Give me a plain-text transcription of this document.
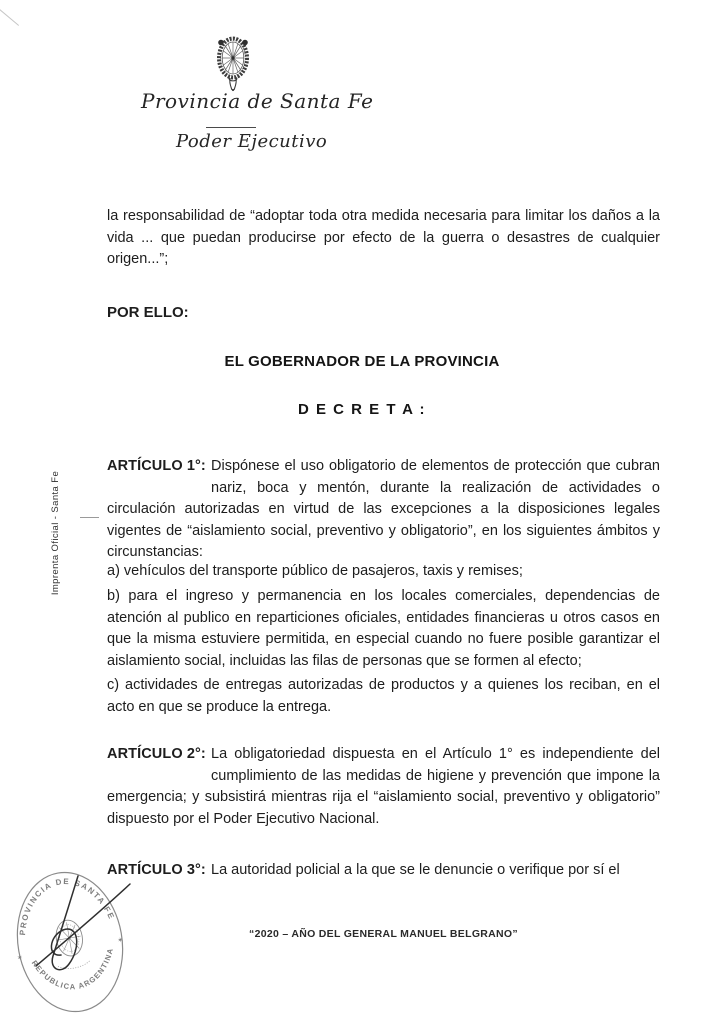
Provincia de Santa Fe
Poder Ejecutivo
Imprenta Oficial - Santa Fe

la responsabilidad de “adoptar toda otra medida necesaria para limitar los daños a la vida ... que puedan producirse por efecto de la guerra o desastres de cualquier origen...”;

POR ELLO:
EL GOBERNADOR DE LA PROVINCIA
D E C R E T A :

ARTÍCULO 1°: Dispónese el uso obligatorio de elementos de protección que cubran nariz, boca y mentón, durante la realización de actividades o circulación autorizadas en virtud de las excepciones a la disposiciones legales vigentes de “aislamiento social, preventivo y obligatorio”, en los siguientes ámbitos y circunstancias:

a) vehículos del transporte público de pasajeros, taxis y remises;

b) para el ingreso y permanencia en los locales comerciales, dependencias de atención al publico en reparticiones oficiales, entidades financieras u otros casos en que la misma estuviere permitida, en especial cuando no fuere posible garantizar el aislamiento social, incluidas las filas de personas que se formen al efecto;

c) actividades de entregas autorizadas de productos y a quienes los reciban, en el acto en que se produce la entrega.

ARTÍCULO 2°: La obligatoriedad dispuesta en el Artículo 1° es independiente del cumplimiento de las medidas de higiene y prevención que impone la emergencia; y subsistirá mientras rija el “aislamiento social, preventivo y obligatorio” dispuesto por el Poder Ejecutivo Nacional.

ARTÍCULO 3°: La autoridad policial a la que se le denuncie o verifique por sí el

PROVINCIA DE SANTA FE
REPUBLICA ARGENTINA
✶
✶
“2020 – AÑO DEL GENERAL MANUEL BELGRANO”
